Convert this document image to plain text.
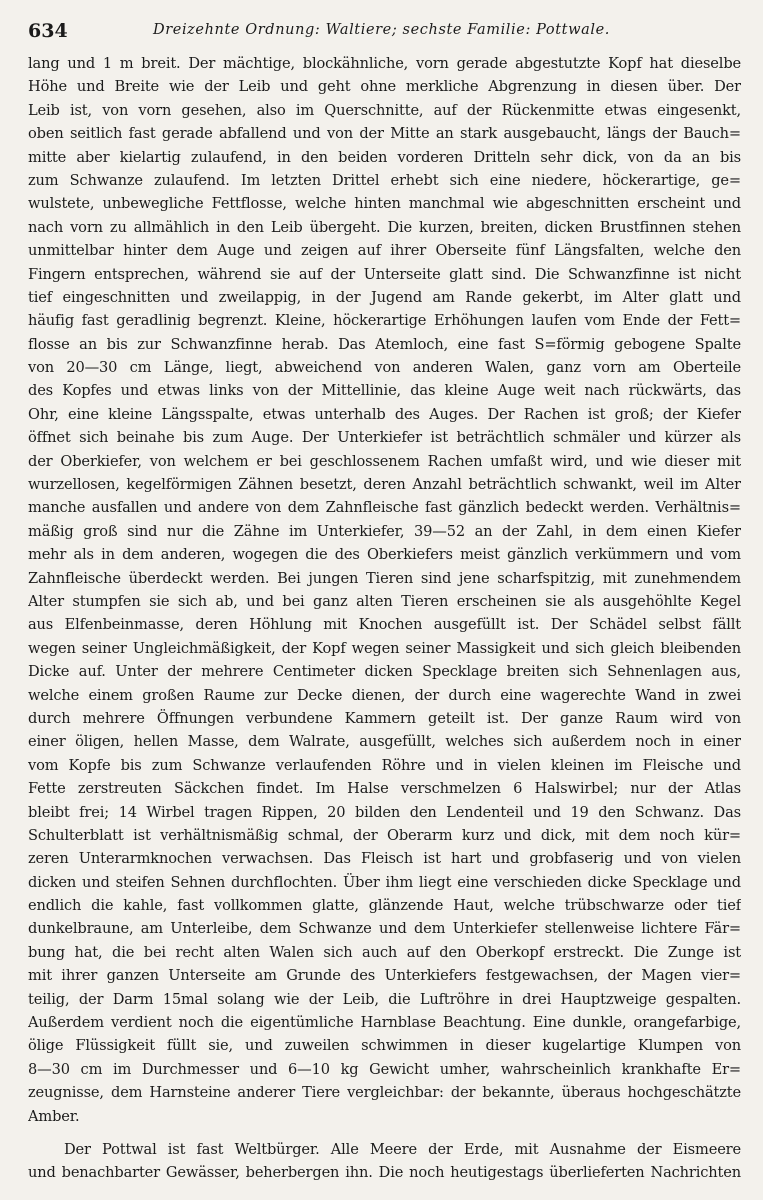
634	Dreizehnte Ordnung: Waltiere; sechste Familie: Pottwale.
lang und 1 m breit. Der mächtige, blockähnliche, vorn gerade abgestutzte Kopf hat dieselbe
Höhe und Breite wie der Leib und geht ohne merkliche Abgrenzung in diesen über. Der
Leib ist, von vorn gesehen, also im Querschnitte, auf der Rückenmitte etwas eingesenkt,
oben seitlich fast gerade abfallend und von der Mitte an stark ausgebaucht, längs der Bauch=
mitte aber kielartig zulaufend, in den beiden vorderen Dritteln sehr dick, von da an bis
zum Schwanze zulaufend. Im letzten Drittel erhebt sich eine niedere, höckerartige, ge=
wulstete, unbewegliche Fettflosse, welche hinten manchmal wie abgeschnitten erscheint und
nach vorn zu allmählich in den Leib übergeht. Die kurzen, breiten, dicken Brustfinnen stehen
unmittelbar hinter dem Auge und zeigen auf ihrer Oberseite fünf Längsfalten, welche den
Fingern entsprechen, während sie auf der Unterseite glatt sind. Die Schwanzfinne ist nicht
tief eingeschnitten und zweilappig, in der Jugend am Rande gekerbt, im Alter glatt und
häufig fast geradlinig begrenzt. Kleine, höckerartige Erhöhungen laufen vom Ende der Fett=
flosse an bis zur Schwanzfinne herab. Das Atemloch, eine fast S=förmig gebogene Spalte
von 20—30 cm Länge, liegt, abweichend von anderen Walen, ganz vorn am Oberteile
des Kopfes und etwas links von der Mittellinie, das kleine Auge weit nach rückwärts, das
Ohr, eine kleine Längsspalte, etwas unterhalb des Auges. Der Rachen ist groß; der Kiefer
öffnet sich beinahe bis zum Auge. Der Unterkiefer ist beträchtlich schmäler und kürzer als
der Oberkiefer, von welchem er bei geschlossenem Rachen umfaßt wird, und wie dieser mit
wurzellosen, kegelförmigen Zähnen besetzt, deren Anzahl beträchtlich schwankt, weil im Alter
manche ausfallen und andere von dem Zahnfleische fast gänzlich bedeckt werden. Verhältnis=
mäßig groß sind nur die Zähne im Unterkiefer, 39—52 an der Zahl, in dem einen Kiefer
mehr als in dem anderen, wogegen die des Oberkiefers meist gänzlich verkümmern und vom
Zahnfleische überdeckt werden. Bei jungen Tieren sind jene scharfspitzig, mit zunehmendem
Alter stumpfen sie sich ab, und bei ganz alten Tieren erscheinen sie als ausgehöhlte Kegel
aus Elfenbeinmasse, deren Höhlung mit Knochen ausgefüllt ist. Der Schädel selbst fällt
wegen seiner Ungleichmäßigkeit, der Kopf wegen seiner Massigkeit und sich gleich bleibenden
Dicke auf. Unter der mehrere Centimeter dicken Specklage breiten sich Sehnenlagen aus,
welche einem großen Raume zur Decke dienen, der durch eine wagerechte Wand in zwei
durch mehrere Öffnungen verbundene Kammern geteilt ist. Der ganze Raum wird von
einer öligen, hellen Masse, dem Walrate, ausgefüllt, welches sich außerdem noch in einer
vom Kopfe bis zum Schwanze verlaufenden Röhre und in vielen kleinen im Fleische und
Fette zerstreuten Säckchen findet. Im Halse verschmelzen 6 Halswirbel; nur der Atlas
bleibt frei; 14 Wirbel tragen Rippen, 20 bilden den Lendenteil und 19 den Schwanz. Das
Schulterblatt ist verhältnismäßig schmal, der Oberarm kurz und dick, mit dem noch kür=
zeren Unterarmknochen verwachsen. Das Fleisch ist hart und grobfaserig und von vielen
dicken und steifen Sehnen durchflochten. Über ihm liegt eine verschieden dicke Specklage und
endlich die kahle, fast vollkommen glatte, glänzende Haut, welche trübschwarze oder tief
dunkelbraune, am Unterleibe, dem Schwanze und dem Unterkiefer stellenweise lichtere Fär=
bung hat, die bei recht alten Walen sich auch auf den Oberkopf erstreckt. Die Zunge ist
mit ihrer ganzen Unterseite am Grunde des Unterkiefers festgewachsen, der Magen vier=
teilig, der Darm 15mal solang wie der Leib, die Luftröhre in drei Hauptzweige gespalten.
Außerdem verdient noch die eigentümliche Harnblase Beachtung. Eine dunkle, orangefarbige,
ölige Flüssigkeit füllt sie, und zuweilen schwimmen in dieser kugelartige Klumpen von
8—30 cm im Durchmesser und 6—10 kg Gewicht umher, wahrscheinlich krankhafte Er=
zeugnisse, dem Harnsteine anderer Tiere vergleichbar: der bekannte, überaus hochgeschätzte
Amber.
Der Pottwal ist fast Weltbürger. Alle Meere der Erde, mit Ausnahme der Eismeere
und benachbarter Gewässer, beherbergen ihn. Die noch heutigestags überlieferten Nachrichten
